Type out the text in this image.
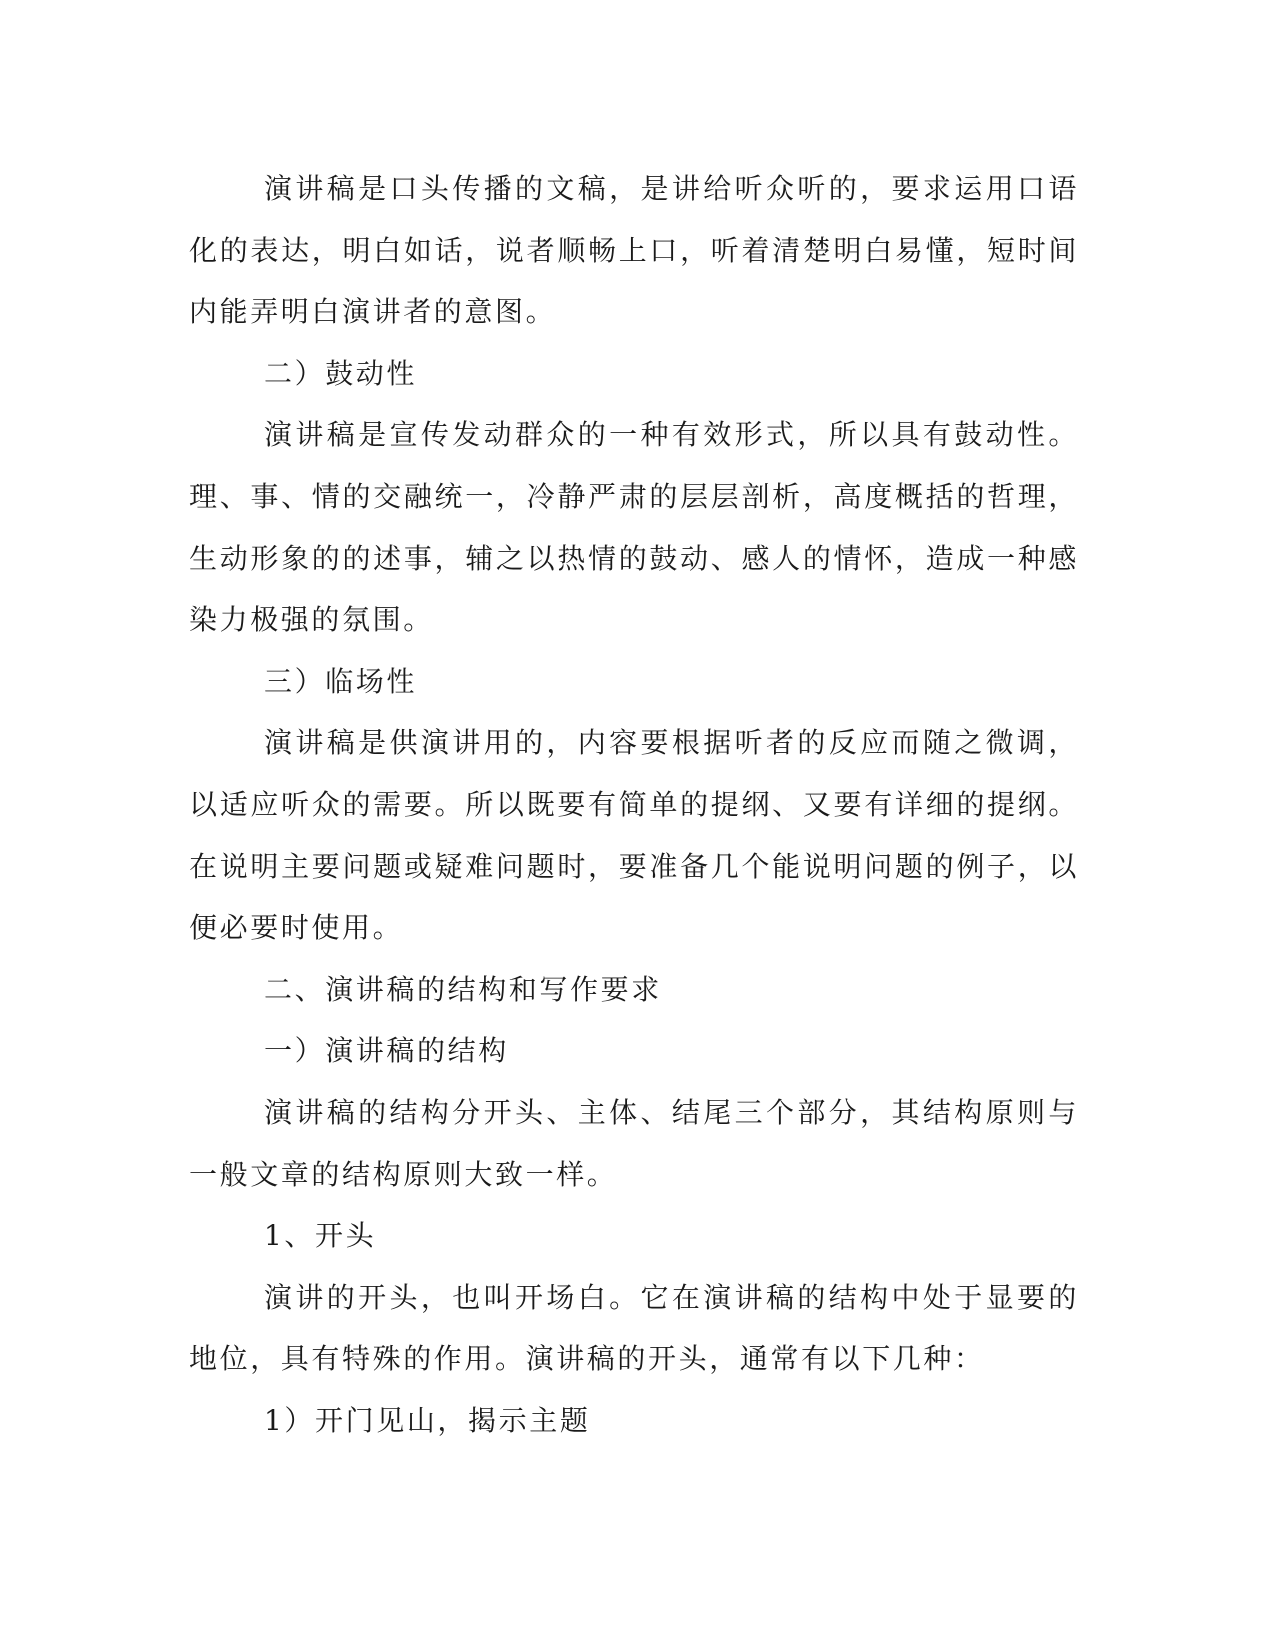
演讲稿是口头传播的文稿，是讲给听众听的，要求运用口语化的表达，明白如话，说者顺畅上口，听着清楚明白易懂，短时间内能弄明白演讲者的意图。

二）鼓动性

演讲稿是宣传发动群众的一种有效形式，所以具有鼓动性。理、事、情的交融统一，冷静严肃的层层剖析，高度概括的哲理，生动形象的的述事，辅之以热情的鼓动、感人的情怀，造成一种感染力极强的氛围。

三）临场性

演讲稿是供演讲用的，内容要根据听者的反应而随之微调，以适应听众的需要。所以既要有简单的提纲、又要有详细的提纲。在说明主要问题或疑难问题时，要准备几个能说明问题的例子，以便必要时使用。

二、演讲稿的结构和写作要求

一）演讲稿的结构

演讲稿的结构分开头、主体、结尾三个部分，其结构原则与一般文章的结构原则大致一样。

1、开头

演讲的开头，也叫开场白。它在演讲稿的结构中处于显要的地位，具有特殊的作用。演讲稿的开头，通常有以下几种：

1）开门见山，揭示主题
